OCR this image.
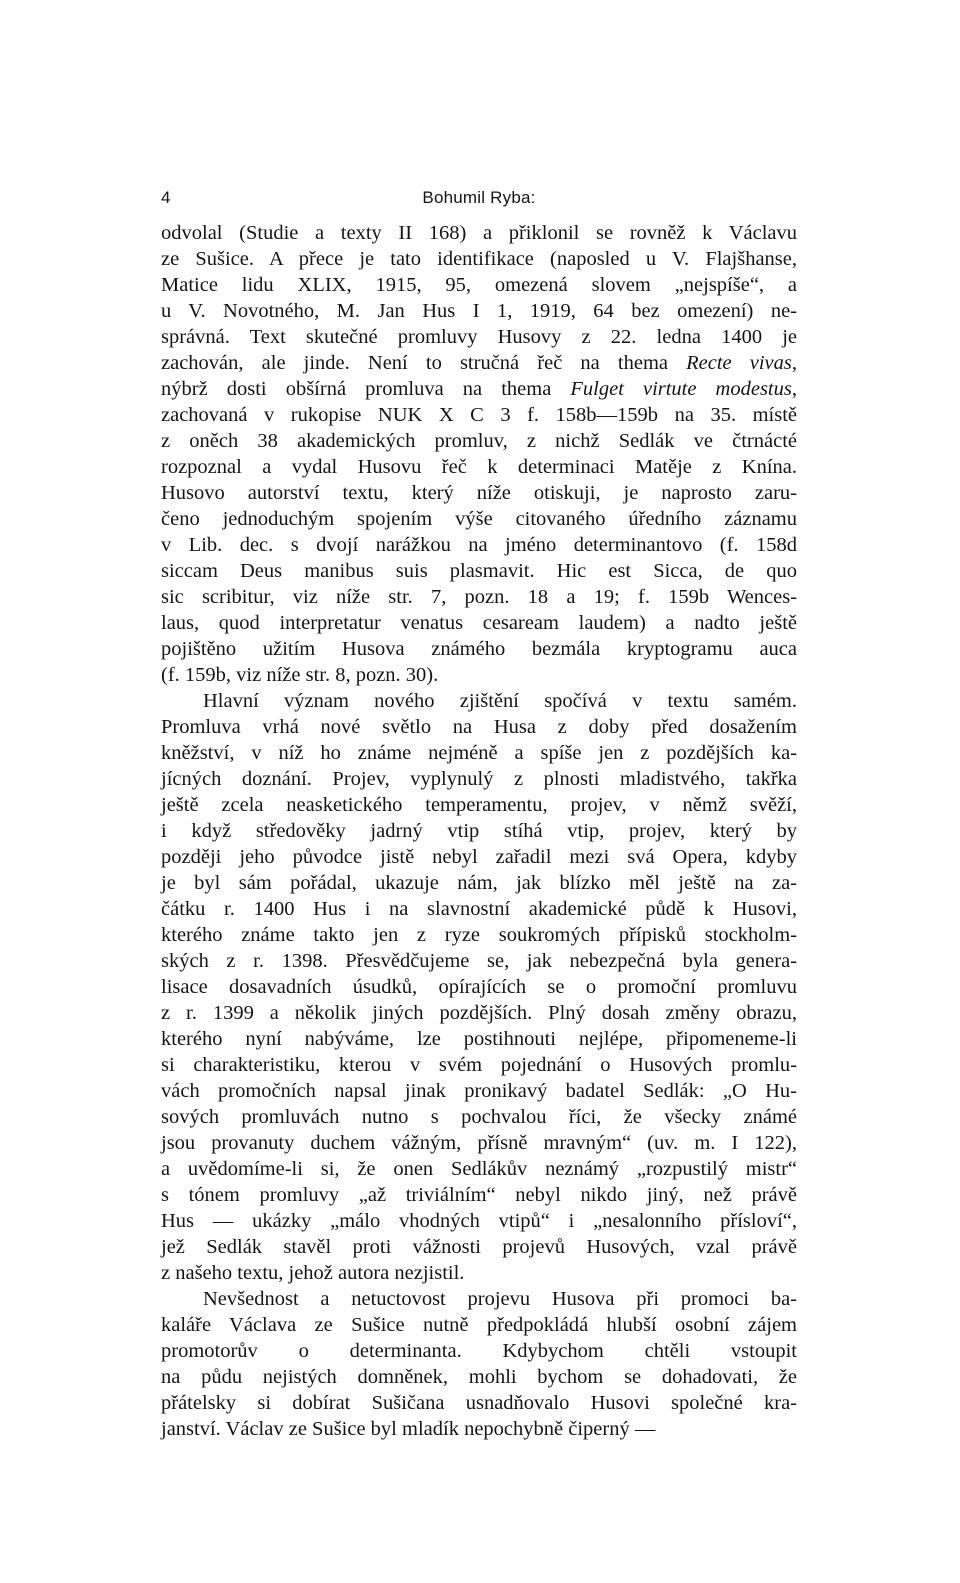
4	Bohumil Ryba:
odvolal (Studie a texty II 168) a přiklonil se rovněž k Václavu
ze Sušice. A přece je tato identifikace (naposled u V. Flajšhanse,
Matice lidu XLIX, 1915, 95, omezená slovem „nejspíše“, a
u V. Novotného, M. Jan Hus I 1, 1919, 64 bez omezení) ne-
správná. Text skutečné promluvy Husovy z 22. ledna 1400 je
zachován, ale jinde. Není to stručná řeč na thema Recte vivas,
nýbrž dosti obšírná promluva na thema Fulget virtute modestus,
zachovaná v rukopise NUK X C 3 f. 158b—159b na 35. místě
z oněch 38 akademických promluv, z nichž Sedlák ve čtrnácté
rozpoznal a vydal Husovu řeč k determinaci Matěje z Knína.
Husovo autorství textu, který níže otiskuji, je naprosto zaru-
čeno jednoduchým spojením výše citovaného úředního záznamu
v Lib. dec. s dvojí narážkou na jméno determinantovo (f. 158d
siccam Deus manibus suis plasmavit. Hic est Sicca, de quo
sic scribitur, viz níže str. 7, pozn. 18 a 19; f. 159b Wences-
laus, quod interpretatur venatus cesaream laudem) a nadto ještě
pojištěno užitím Husova známého bezmála kryptogramu auca
(f. 159b, viz níže str. 8, pozn. 30).
Hlavní význam nového zjištění spočívá v textu samém.
Promluva vrhá nové světlo na Husa z doby před dosažením
kněžství, v níž ho známe nejméně a spíše jen z pozdějších ka-
jícných doznání. Projev, vyplynulý z plnosti mladistvého, takřka
ještě zcela neasketického temperamentu, projev, v němž svěží,
i když středověky jadrný vtip stíhá vtip, projev, který by
později jeho původce jistě nebyl zařadil mezi svá Opera, kdyby
je byl sám pořádal, ukazuje nám, jak blízko měl ještě na za-
čátku r. 1400 Hus i na slavnostní akademické půdě k Husovi,
kterého známe takto jen z ryze soukromých přípisků stockholm-
ských z r. 1398. Přesvědčujeme se, jak nebezpečná byla genera-
lisace dosavadních úsudků, opírajících se o promoční promluvu
z r. 1399 a několik jiných pozdějších. Plný dosah změny obrazu,
kterého nyní nabýváme, lze postihnouti nejlépe, připomeneme-li
si charakteristiku, kterou v svém pojednání o Husových promlu-
vách promočních napsal jinak pronikavý badatel Sedlák: „O Hu-
sových promluvách nutno s pochvalou říci, že všecky známé
jsou provanuty duchem vážným, přísně mravným“ (uv. m. I 122),
a uvědomíme-li si, že onen Sedlákův neznámý „rozpustilý mistr“
s tónem promluvy „až triviálním“ nebyl nikdo jiný, než právě
Hus — ukázky „málo vhodných vtipů“ i „nesalonního přísloví“,
jež Sedlák stavěl proti vážnosti projevů Husových, vzal právě
z našeho textu, jehož autora nezjistil.
Nevšednost a netuctovost projevu Husova při promoci ba-
kaláře Václava ze Sušice nutně předpokládá hlubší osobní zájem
promotorův o determinanta. Kdybychom chtěli vstoupit
na půdu nejistých domněnek, mohli bychom se dohadovati, že
přátelsky si dobírat Sušičana usnadňovalo Husovi společné kra-
janství. Václav ze Sušice byl mladík nepochybně čiperný —
